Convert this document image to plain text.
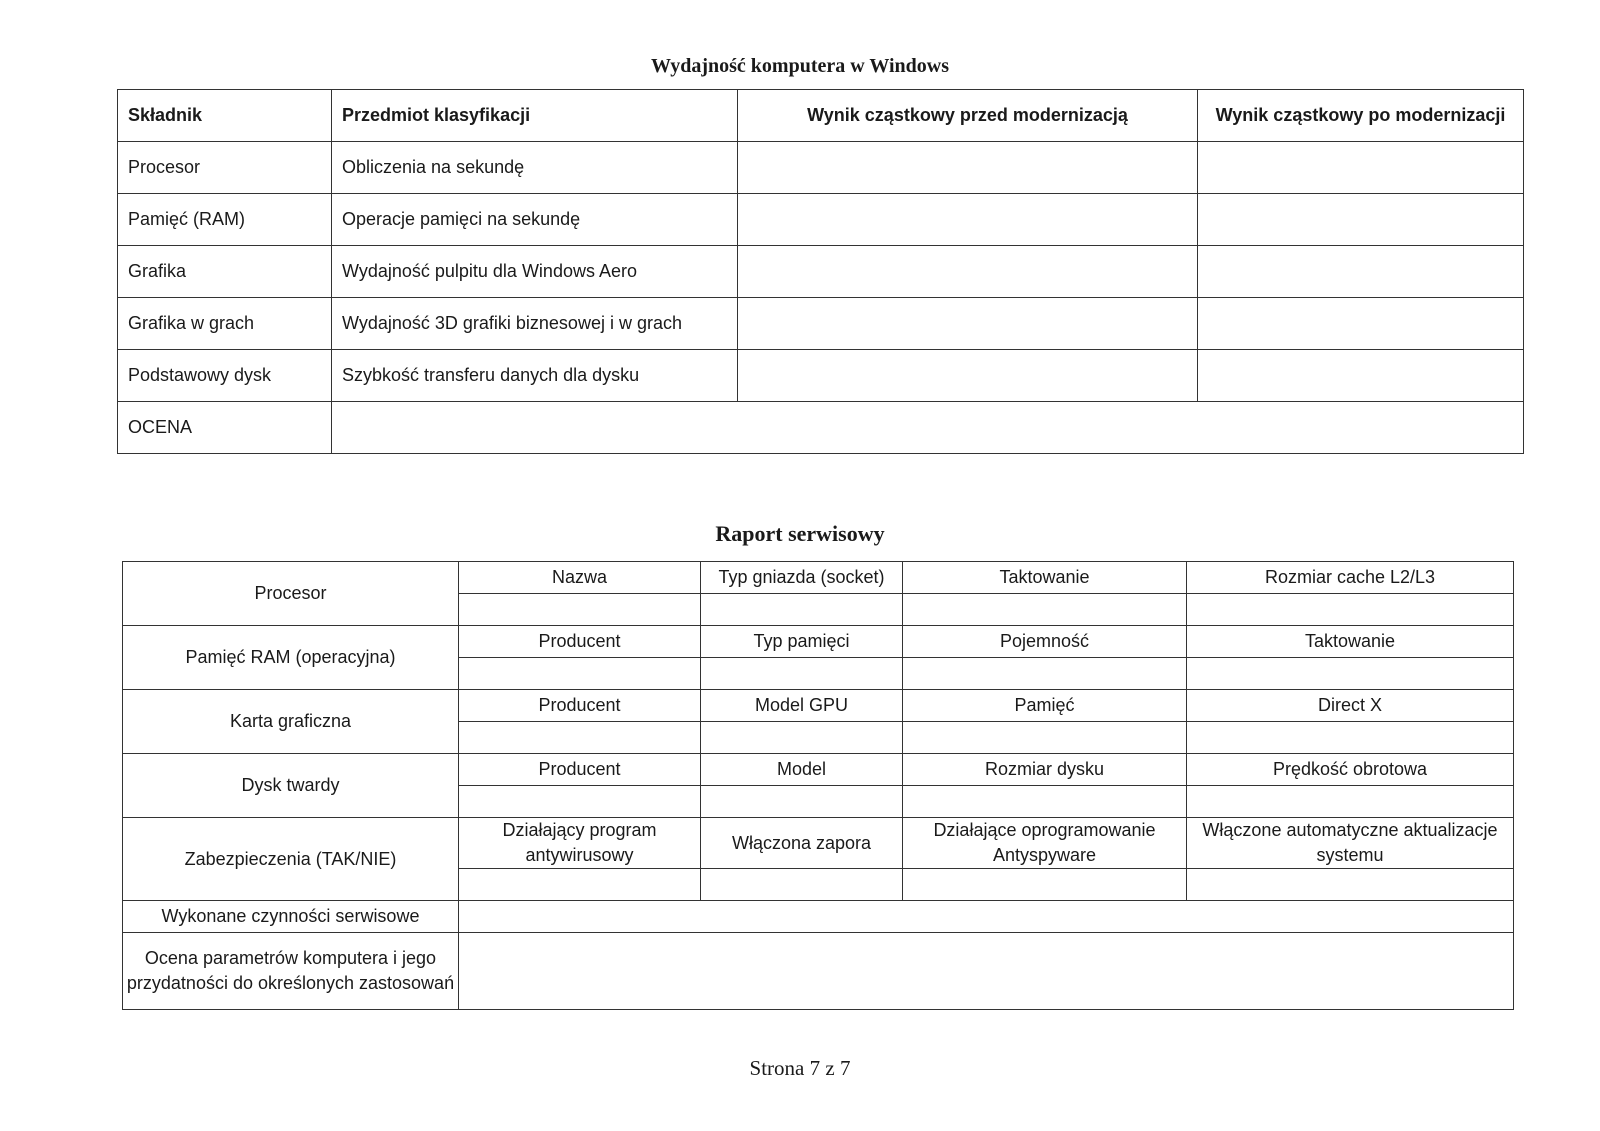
Wydajność komputera w Windows
Składnik	Przedmiot klasyfikacji	Wynik cząstkowy przed modernizacją	Wynik cząstkowy po modernizacji
Procesor	Obliczenia na sekundę		
Pamięć (RAM)	Operacje pamięci na sekundę		
Grafika	Wydajność pulpitu dla Windows Aero		
Grafika w grach	Wydajność 3D grafiki biznesowej i w grach		
Podstawowy dysk	Szybkość transferu danych dla dysku		
OCENA			
Raport serwisowy
Procesor	Nazwa	Typ gniazda (socket)	Taktowanie	Rozmiar cache L2/L3

Pamięć RAM (operacyjna)	Producent	Typ pamięci	Pojemność	Taktowanie

Karta graficzna	Producent	Model GPU	Pamięć	Direct X

Dysk twardy	Producent	Model	Rozmiar dysku	Prędkość obrotowa

Zabezpieczenia (TAK/NIE)	Działający program antywirusowy	Włączona zapora	Działające oprogramowanie Antyspyware	Włączone automatyczne aktualizacje systemu

Wykonane czynności serwisowe				
Ocena parametrów komputera i jego przydatności do określonych zastosowań				
Strona 7 z 7
